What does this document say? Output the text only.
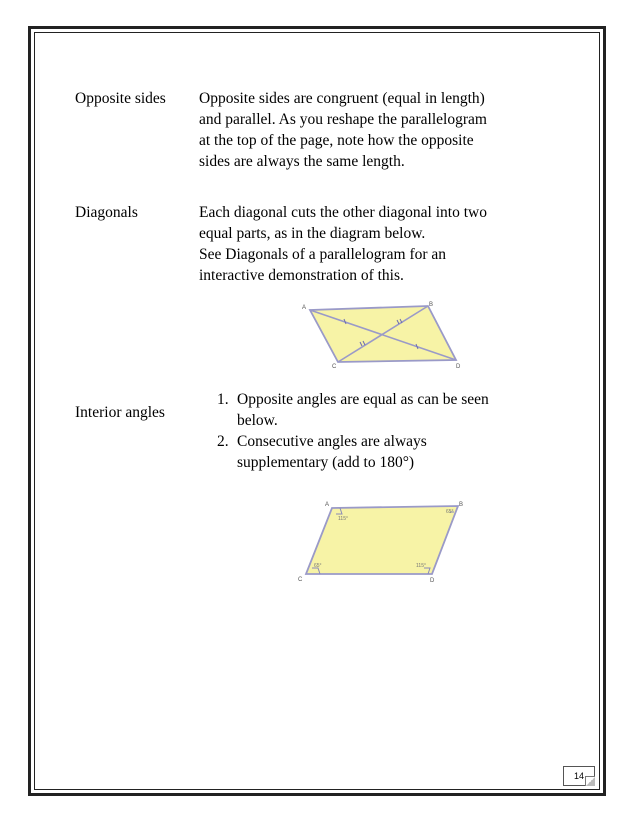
Opposite sides	Opposite sides are congruent (equal in length)
and parallel. As you reshape the parallelogram
at the top of the page, note how the opposite
sides are always the same length.
Diagonals	Each diagonal cuts the other diagonal into two
equal parts, as in the diagram below.
See Diagonals of a parallelogram for an
interactive demonstration of this.
A	B
C	D
Interior angles
1. Opposite angles are equal as can be seen
below.
2. Consecutive angles are always
supplementary (add to 180°)
A	B
C	D
115°
65°
65°	115°
14
